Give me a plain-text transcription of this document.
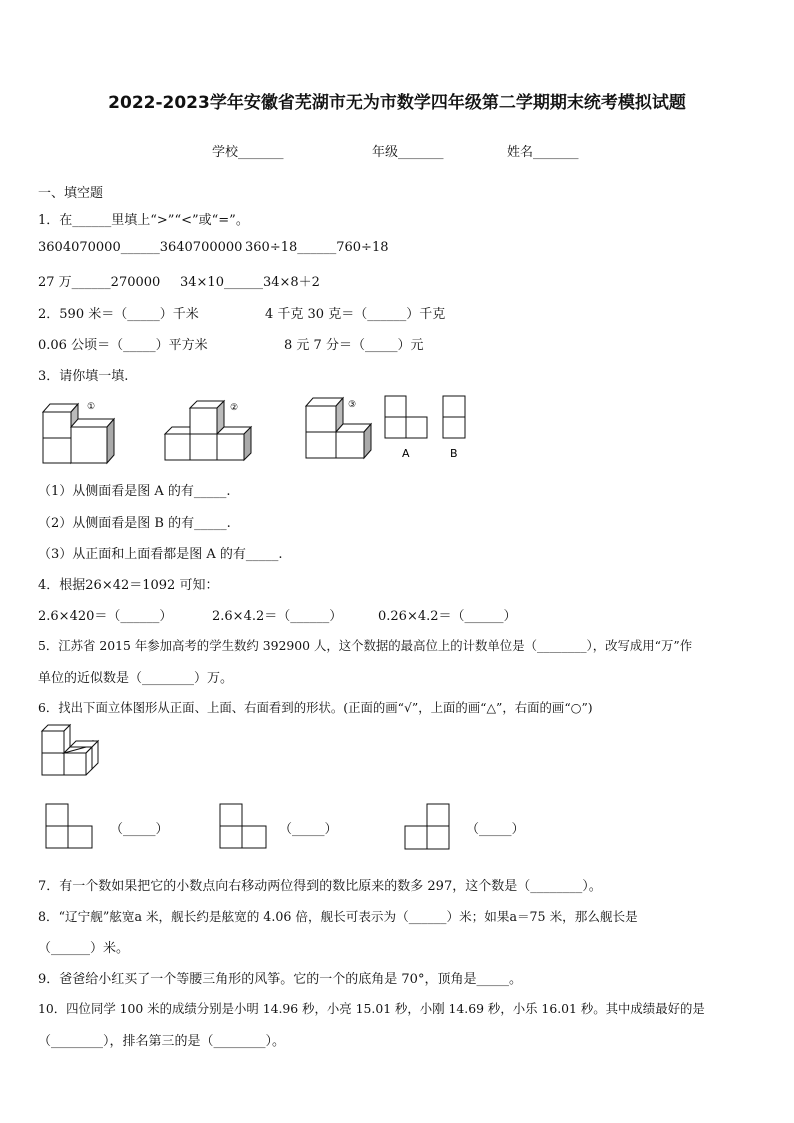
2022-2023学年安徽省芜湖市无为市数学四年级第二学期期末统考模拟试题
学校_______	年级_______	姓名_______
一、填空题
1．在______里填上“>”“<”或“=”。
3604070000______3640700000 360÷18______760÷18
27 万______270000 34×10______34×8＋2
2．590 米＝（_____）千米	4 千克 30 克＝（______）千克
0.06 公顷＝（_____）平方米	8 元 7 分＝（_____）元
3．请你填一填.
①	②	③
A	B
（1）从侧面看是图 A 的有_____.
（2）从侧面看是图 B 的有_____.
（3）从正面和上面看都是图 A 的有_____.
4．根据26×42＝1092 可知：
2.6×420＝（______）	2.6×4.2＝（______）	0.26×4.2＝（______）
5．江苏省 2015 年参加高考的学生数约 392900 人，这个数据的最高位上的计数单位是（________），改写成用“万”作
单位的近似数是（________）万。
6．找出下面立体图形从正面、上面、右面看到的形状。(正面的画“√”，上面的画“△”，右面的画“○”)
（_____）	（_____）	（_____）
7．有一个数如果把它的小数点向右移动两位得到的数比原来的数多 297，这个数是（________）。
8．“辽宁舰”舷宽a 米，舰长约是舷宽的 4.06 倍，舰长可表示为（______）米；如果a＝75 米，那么舰长是
（______）米。
9．爸爸给小红买了一个等腰三角形的风筝。它的一个的底角是 70°，顶角是_____。
10．四位同学 100 米的成绩分别是小明 14.96 秒，小亮 15.01 秒，小刚 14.69 秒，小乐 16.01 秒。其中成绩最好的是
（________），排名第三的是（________）。
